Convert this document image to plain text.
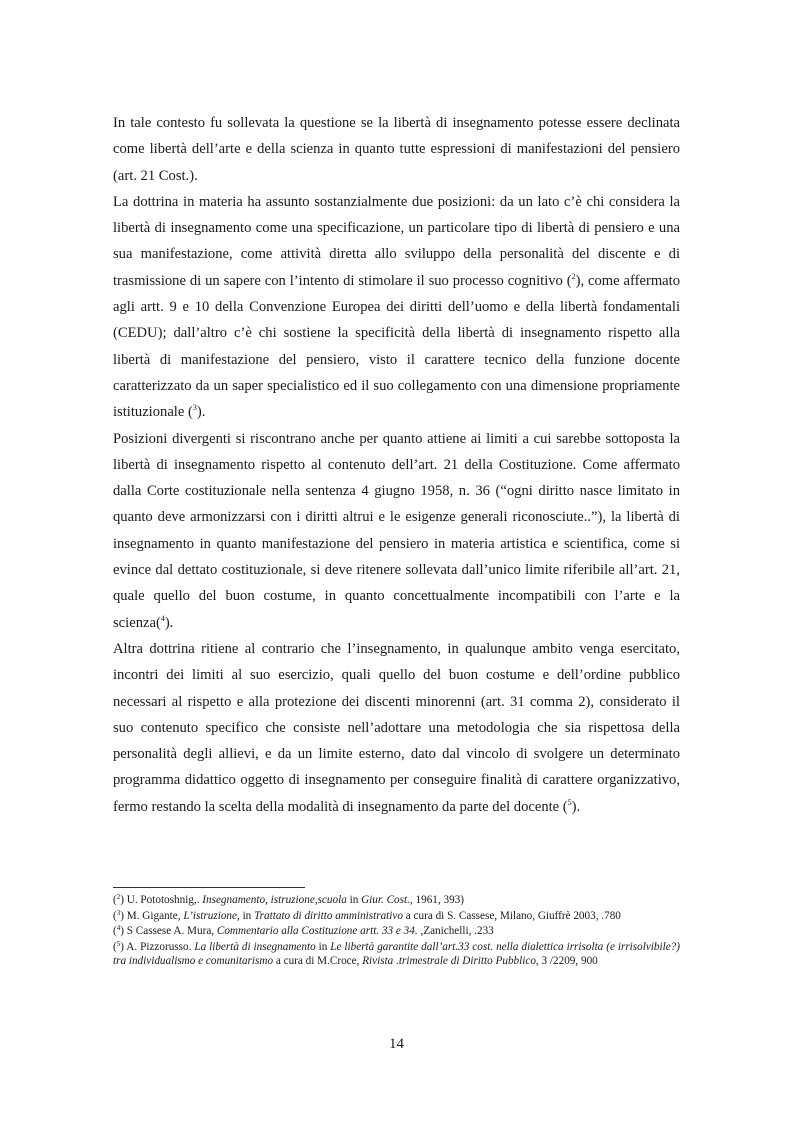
In tale contesto fu sollevata la questione se la libertà di insegnamento potesse essere declinata come libertà dell’arte e della scienza in quanto tutte espressioni di manifestazioni del pensiero (art. 21 Cost.).

La dottrina in materia ha assunto sostanzialmente due posizioni: da un lato c’è chi considera la libertà di insegnamento come una specificazione, un particolare tipo di libertà di pensiero e una sua manifestazione, come attività diretta allo sviluppo della personalità del discente e di trasmissione di un sapere con l’intento di stimolare il suo processo cognitivo ($^2$), come affermato agli artt. 9 e 10 della Convenzione Europea dei diritti dell’uomo e della libertà fondamentali (CEDU); dall’altro c’è chi sostiene la specificità della libertà di insegnamento rispetto alla libertà di manifestazione del pensiero, visto il carattere tecnico della funzione docente caratterizzato da un saper specialistico ed il suo collegamento con una dimensione propriamente istituzionale ($^3$).

Posizioni divergenti si riscontrano anche per quanto attiene ai limiti a cui sarebbe sottoposta la libertà di insegnamento rispetto al contenuto dell’art. 21 della Costituzione. Come affermato dalla Corte costituzionale nella sentenza 4 giugno 1958, n. 36 (“ogni diritto nasce limitato in quanto deve armonizzarsi con i diritti altrui e le esigenze generali riconosciute..”), la libertà di insegnamento in quanto manifestazione del pensiero in materia artistica e scientifica, come si evince dal dettato costituzionale, si deve ritenere sollevata dall’unico limite riferibile all’art. 21, quale quello del buon costume, in quanto concettualmente incompatibili con l’arte e la scienza($^4$).

Altra dottrina ritiene al contrario che l’insegnamento, in qualunque ambito venga esercitato, incontri dei limiti al suo esercizio, quali quello del buon costume e dell’ordine pubblico necessari al rispetto e alla protezione dei discenti minorenni (art. 31 comma 2), considerato il suo contenuto specifico che consiste nell’adottare una metodologia che sia rispettosa della personalità degli allievi, e da un limite esterno, dato dal vincolo di svolgere un determinato programma didattico oggetto di insegnamento per conseguire finalità di carattere organizzativo, fermo restando la scelta della modalità di insegnamento da parte del docente ($^5$).

($^2$) U. Pototoshnig,. Insegnamento, istruzione,scuola in Giur. Cost., 1961, 393)

($^3$) M. Gigante, L’istruzione, in Trattato di diritto amministrativo a cura di S. Cassese, Milano, Giuffrè 2003, .780

($^4$) S Cassese A. Mura, Commentario alla Costituzione artt. 33 e 34. ,Zanichelli, .233

($^5$) A. Pizzorusso. La libertà di insegnamento in Le libertà garantite dall’art.33 cost. nella dialettica irrisolta (e irrisolvibile?) tra individualismo e comunitarismo a cura di M.Croce, Rivista .trimestrale di Diritto Pubblico, 3 /2209, 900

14
